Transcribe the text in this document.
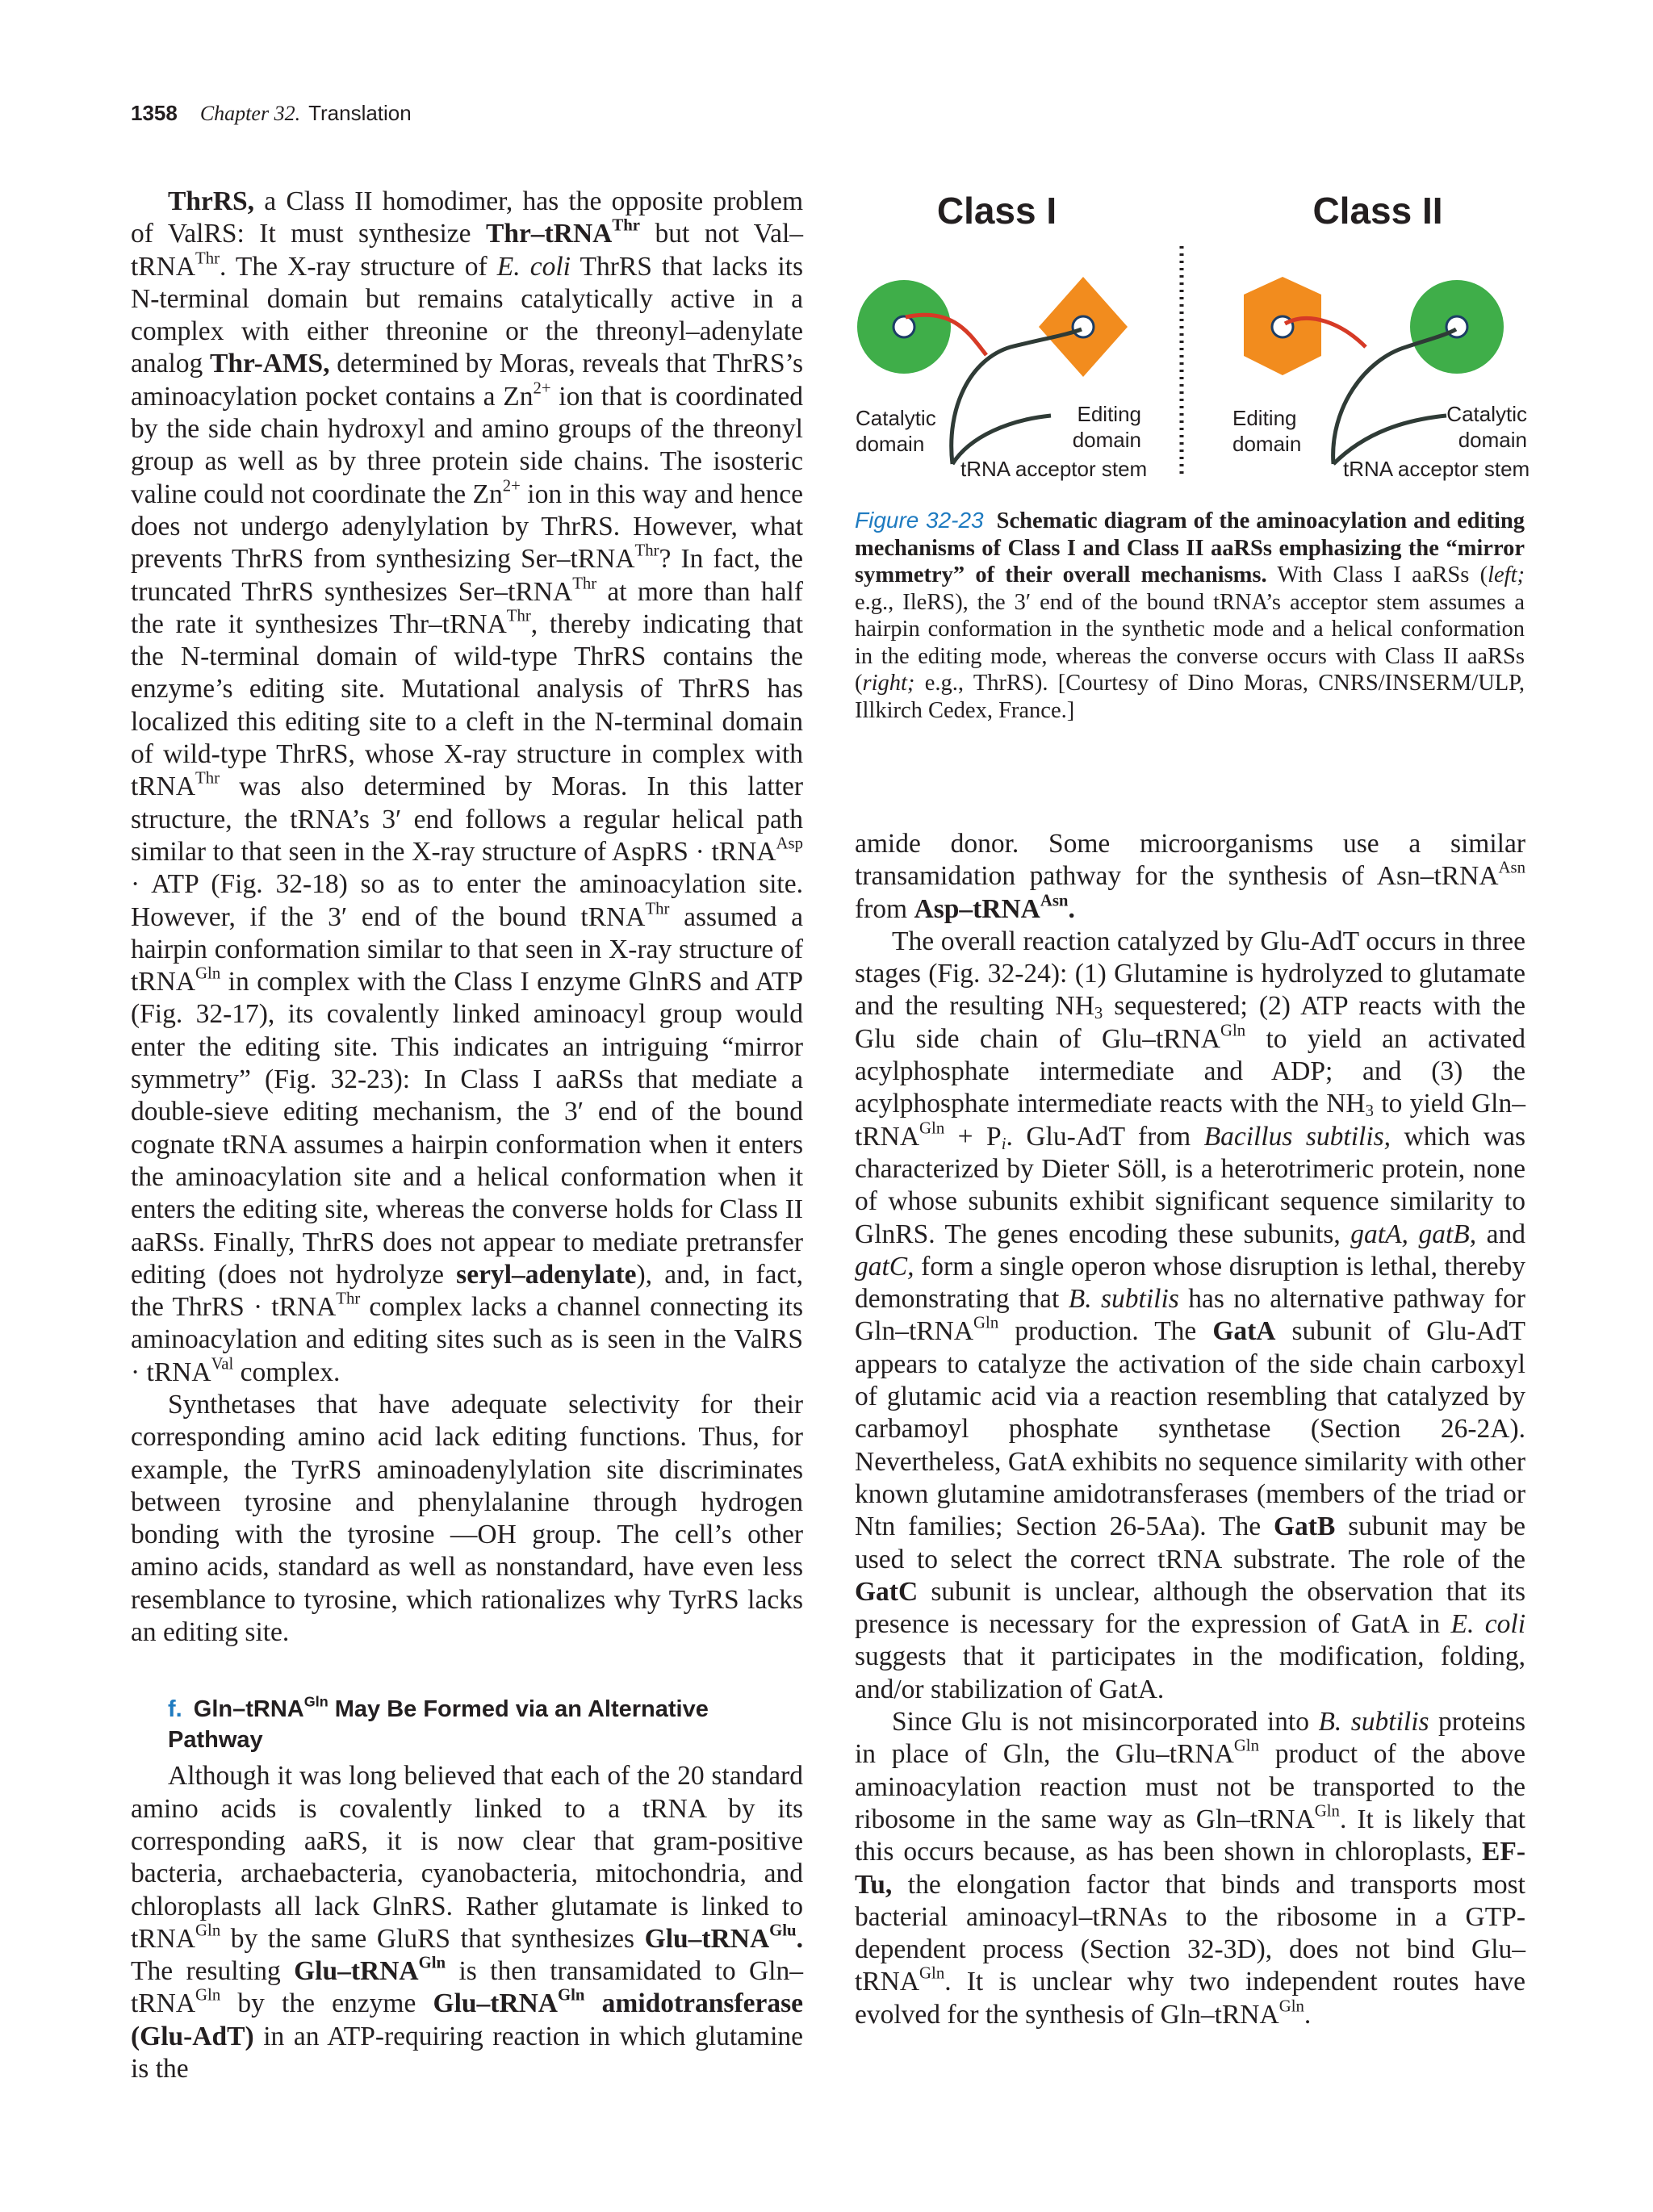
1358 Chapter 32. Translation

ThrRS, a Class II homodimer, has the opposite problem of ValRS: It must synthesize Thr–tRNA$^{Thr}$ but not Val–tRNA$^{Thr}$. The X-ray structure of E. coli ThrRS that lacks its N-terminal domain but remains catalytically active in a complex with either threonine or the threonyl–adenylate analog Thr-AMS, determined by Moras, reveals that ThrRS’s aminoacylation pocket contains a $Zn^{2+}$ ion that is coordinated by the side chain hydroxyl and amino groups of the threonyl group as well as by three protein side chains. The isosteric valine could not coordinate the $Zn^{2+}$ ion in this way and hence does not undergo adenylylation by ThrRS. However, what prevents ThrRS from synthesizing Ser–tRNA$^{Thr}$? In fact, the truncated ThrRS synthesizes Ser–tRNA$^{Thr}$ at more than half the rate it synthesizes Thr–tRNA$^{Thr}$, thereby indicating that the N-terminal domain of wild-type ThrRS contains the enzyme’s editing site. Mutational analysis of ThrRS has localized this editing site to a cleft in the N-terminal domain of wild-type ThrRS, whose X-ray structure in complex with tRNA$^{Thr}$ was also determined by Moras. In this latter structure, the tRNA’s 3′ end follows a regular helical path similar to that seen in the X-ray structure of AspRS · tRNA$^{Asp}$ · ATP (Fig. 32-18) so as to enter the aminoacylation site. However, if the 3′ end of the bound tRNA$^{Thr}$ assumed a hairpin conformation similar to that seen in X-ray structure of tRNA$^{Gln}$ in complex with the Class I enzyme GlnRS and ATP (Fig. 32-17), its covalently linked aminoacyl group would enter the editing site. This indicates an intriguing “mirror symmetry” (Fig. 32-23): In Class I aaRSs that mediate a double-sieve editing mechanism, the 3′ end of the bound cognate tRNA assumes a hairpin conformation when it enters the aminoacylation site and a helical conformation when it enters the editing site, whereas the converse holds for Class II aaRSs. Finally, ThrRS does not appear to mediate pretransfer editing (does not hydrolyze seryl–adenylate), and, in fact, the ThrRS · tRNA$^{Thr}$ complex lacks a channel connecting its aminoacylation and editing sites such as is seen in the ValRS · tRNA$^{Val}$ complex.

Synthetases that have adequate selectivity for their corresponding amino acid lack editing functions. Thus, for example, the TyrRS aminoadenylylation site discriminates between tyrosine and phenylalanine through hydrogen bonding with the tyrosine —OH group. The cell’s other amino acids, standard as well as nonstandard, have even less resemblance to tyrosine, which rationalizes why TyrRS lacks an editing site.

f. Gln–tRNA$^{Gln}$ May Be Formed via an Alternative Pathway

Although it was long believed that each of the 20 standard amino acids is covalently linked to a tRNA by its corresponding aaRS, it is now clear that gram-positive bacteria, archaebacteria, cyanobacteria, mitochondria, and chloroplasts all lack GlnRS. Rather glutamate is linked to tRNA$^{Gln}$ by the same GluRS that synthesizes Glu–tRNA$^{Glu}$. The resulting Glu–tRNA$^{Gln}$ is then transamidated to Gln–tRNA$^{Gln}$ by the enzyme Glu–tRNA$^{Gln}$ amidotransferase (Glu-AdT) in an ATP-requiring reaction in which glutamine is the

Class I	Class II
Catalytic
domain
Editing
domain
tRNA acceptor stem
Editing
domain
Catalytic
domain
tRNA acceptor stem
Figure 32-23 Schematic diagram of the aminoacylation and editing mechanisms of Class I and Class II aaRSs emphasizing the “mirror symmetry” of their overall mechanisms. With Class I aaRSs (left; e.g., IleRS), the 3′ end of the bound tRNA’s acceptor stem assumes a hairpin conformation in the synthetic mode and a helical conformation in the editing mode, whereas the converse occurs with Class II aaRSs (right; e.g., ThrRS). [Courtesy of Dino Moras, CNRS/INSERM/ULP, Illkirch Cedex, France.]

amide donor. Some microorganisms use a similar transamidation pathway for the synthesis of Asn–tRNA$^{Asn}$ from Asp–tRNA$^{Asn}$.

The overall reaction catalyzed by Glu-AdT occurs in three stages (Fig. 32-24): (1) Glutamine is hydrolyzed to glutamate and the resulting $NH_3$ sequestered; (2) ATP reacts with the Glu side chain of Glu–tRNA$^{Gln}$ to yield an activated acylphosphate intermediate and ADP; and (3) the acylphosphate intermediate reacts with the $NH_3$ to yield Gln–tRNA$^{Gln}$ + $P_i$. Glu-AdT from Bacillus subtilis, which was characterized by Dieter Söll, is a heterotrimeric protein, none of whose subunits exhibit significant sequence similarity to GlnRS. The genes encoding these subunits, gatA, gatB, and gatC, form a single operon whose disruption is lethal, thereby demonstrating that B. subtilis has no alternative pathway for Gln–tRNA$^{Gln}$ production. The GatA subunit of Glu-AdT appears to catalyze the activation of the side chain carboxyl of glutamic acid via a reaction resembling that catalyzed by carbamoyl phosphate synthetase (Section 26-2A). Nevertheless, GatA exhibits no sequence similarity with other known glutamine amidotransferases (members of the triad or Ntn families; Section 26-5Aa). The GatB subunit may be used to select the correct tRNA substrate. The role of the GatC subunit is unclear, although the observation that its presence is necessary for the expression of GatA in E. coli suggests that it participates in the modification, folding, and/or stabilization of GatA.

Since Glu is not misincorporated into B. subtilis proteins in place of Gln, the Glu–tRNA$^{Gln}$ product of the above aminoacylation reaction must not be transported to the ribosome in the same way as Gln–tRNA$^{Gln}$. It is likely that this occurs because, as has been shown in chloroplasts, EF-Tu, the elongation factor that binds and transports most bacterial aminoacyl–tRNAs to the ribosome in a GTP-dependent process (Section 32-3D), does not bind Glu–tRNA$^{Gln}$. It is unclear why two independent routes have evolved for the synthesis of Gln–tRNA$^{Gln}$.
